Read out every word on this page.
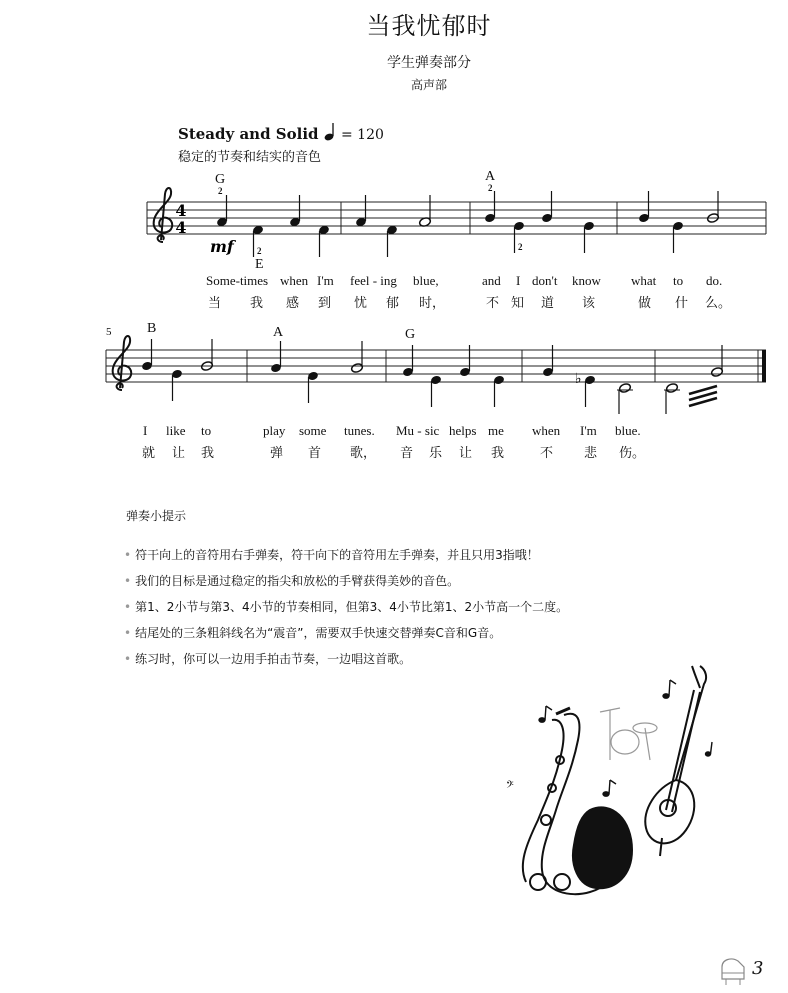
当我忧郁时
学生弹奏部分
高声部
Steady and Solid = 120
稳定的节奏和结实的音色
4
4
mf
G
2
2
E
A
2
2
Some-times when I'm feel - ing blue,	and I don't know what to do.
当 我 感 到 忧 郁 时，	不 知 道 该	做 什 么。
5
♭
B	A	G
I like to	play some tunes. Mu - sic helps me when I'm blue.
就 让 我	弹 首 歌， 音 乐 让 我	不 悲 伤。
弹奏小提示
• 符干向上的音符用右手弹奏，符干向下的音符用左手弹奏，并且只用3指哦！
• 我们的目标是通过稳定的指尖和放松的手臂获得美妙的音色。
• 第1、2小节与第3、4小节的节奏相同，但第3、4小节比第1、2小节高一个二度。
• 结尾处的三条粗斜线名为“震音”，需要双手快速交替弹奏C音和G音。
• 练习时，你可以一边用手拍击节奏，一边唱这首歌。
𝄢
3
